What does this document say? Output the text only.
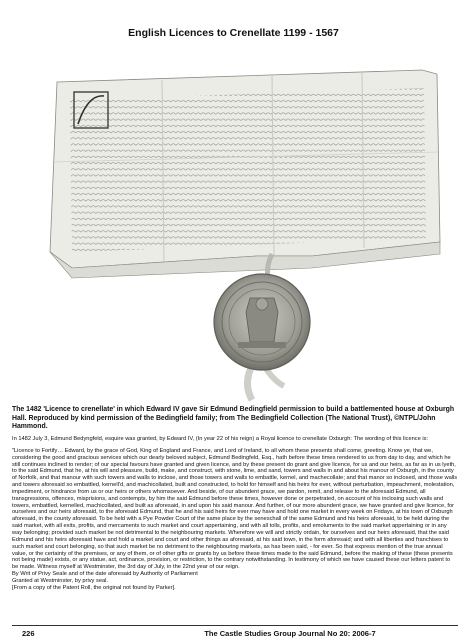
English Licences to Crenellate 1199 - 1567
The 1482 'Licence to crenellate' in which Edward IV gave Sir Edmund Bedingfield permission to build a battlemented house at Oxburgh Hall. Reproduced by kind permission of the Bedingfield family; from The Bedingfield Collection (The National Trust), ©NTPL/John Hammond.

In 1482 July 3, Edmund Bedyngfeld, esquire was granted, by Edward IV, (In year 22 of his reign) a Royal licence to crenellate Oxburgh: The wording of this licence is:

"Licence to Fortify… Edward, by the grace of God, King of England and France, and Lord of Ireland, to all whom these presents shall come, greeting. Know ye, that we, considering the good and gracious services which our dearly beloved subject, Edmund Bedingfeld, Esq., hath before these times rendered to us from day to day, and which he still continues inclined to render; of our special favours have granted and given licence, and by these present do grant and give licence, for us and our heirs, as far as in us lyeth, to the said Edmund, that he, at his will and pleasure, build, make, and construct, with stone, lime, and sand, towers and walls in and about his manour of Oxburgh, in the county of Norfolk, and that manour with such towers and walls to inclose, and those towers and walls to embattle, kernel, and machecollate; and that manor so inclosed, and those walls and towers aforesaid so embattled, kernell'd, and machicollated, built and constructed, to hold for himself and his heirs for ever, without perturbation, impeachment, molestation, impediment, or hindrance from us or our heirs or others whomsoever. And beside, of our abundent grace, we pardon, remit, and release to the aforesaid Edmund, all transgressions, offences, misprisions, and contempts, by him the said Edmund before these times, however done or perpetrated, on account of his inclosing such walls and towers, embattled, kernelled, machicollated, and built as aforesaid, in and upon his said manour. And further, of our more abundent grace, we have granted and give licence, for ourselves and our heirs aforesaid, to the aforesaid Edmund, that he and his said heirs for ever may have and hold one market in every week on Fridays, at his town of Oxburgh aforesaid, in the county aforesaid. To be held with a Pye Powder Court of the same place by the seneschall of the same Edmund and his heirs aforesaid, to be held during the said market, with all exits, profits, and mercaments to such market and court appertaining, and with all tolls, profits, and emoluments to the said market appertaining or in any way belonging; provided such market be not detrimental to the neighbouring markets. Wherefore we will and strictly ordain, for ourselves and our heirs aforesaid, that the said Edmund and his heirs aforesaid have and hold a market and court and other things as aforesaid, at his said town, in the form aforesaid; and with all liberties and franchises to such market and court belonging, so that such market be no detriment to the neighbouring markets, as has been said, - for ever. So that express mention of the true annual value, or the certainty of the premises, or any of them, or of other gifts or grants by us before these times made to the said Edmund, before the making of these (these presents not being made) exists, or any statue, act, ordinance, provision, or restriction, to the contrary notwithstanding. In testimony of which we have caused these our letters patent to be made. Witness myself at Westminster, the 3rd day of July, in the 22nd year of our reign.
By Writ of Privy Seale and of the date aforesaid by Authority of Parliament
Granted at Westminster, by privy seal.

[From a copy of the Patent Roll, the original not found by Parker].

226	The Castle Studies Group Journal No 20: 2006-7
